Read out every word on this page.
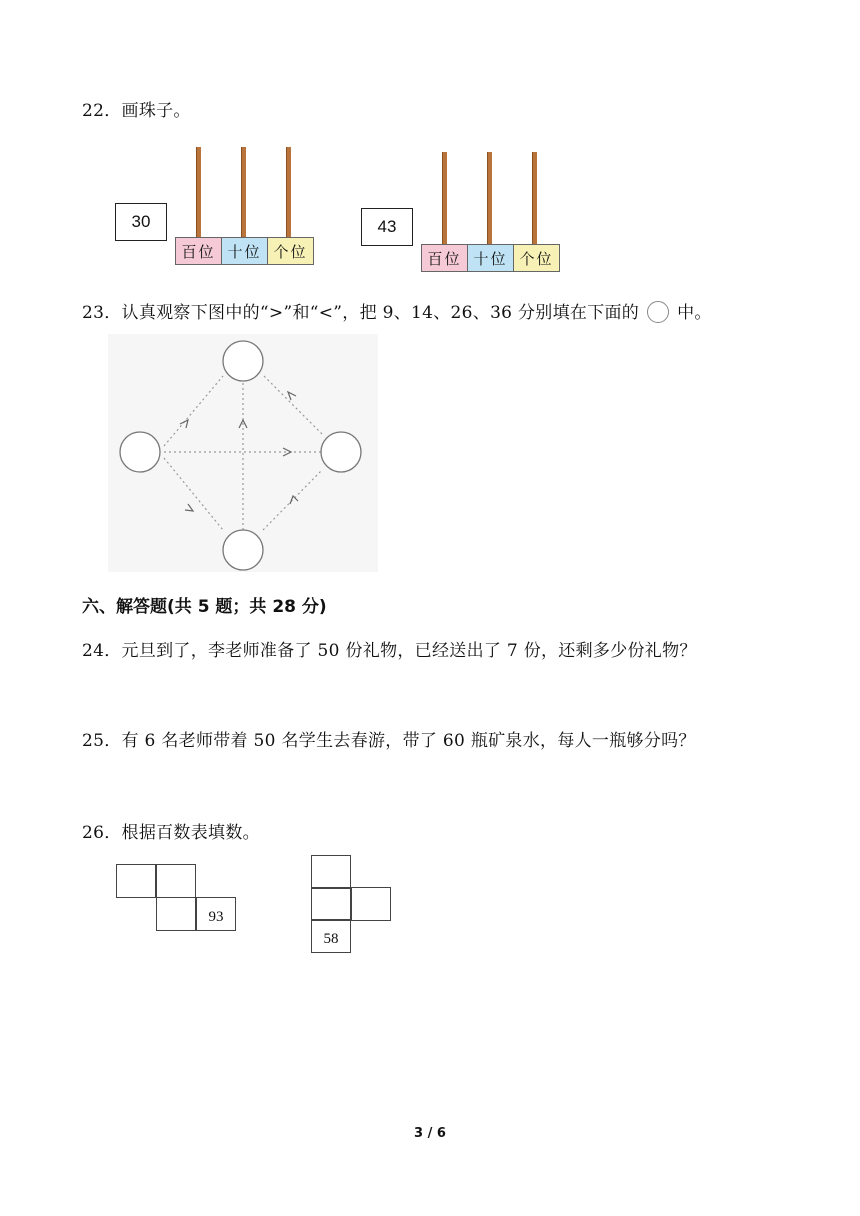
22．画珠子。
30
百位 十位 个位
43
百位 十位 个位
23．认真观察下图中的“>”和“<”，把 9、14、26、36 分别填在下面的 中。
六、解答题(共 5 题；共 28 分)
24．元旦到了，李老师准备了 50 份礼物，已经送出了 7 份，还剩多少份礼物？
25．有 6 名老师带着 50 名学生去春游，带了 60 瓶矿泉水，每人一瓶够分吗？
26．根据百数表填数。
93
58
3 / 6
